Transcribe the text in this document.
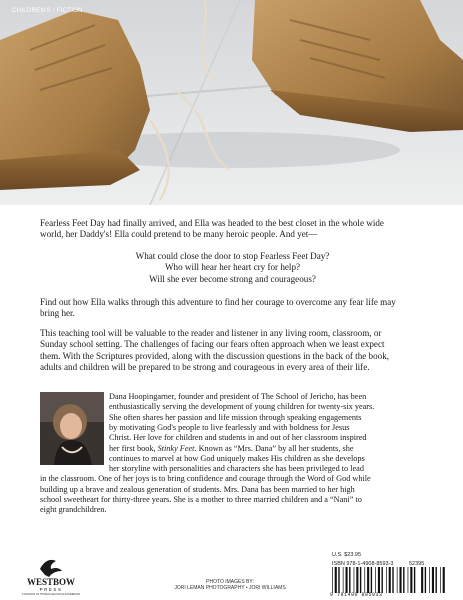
CHILDREN'S / FICTION

Fearless Feet Day had finally arrived, and Ella was headed to the best closet in the whole wide

world, her Daddy's! Ella could pretend to be many heroic people. And yet—

What could close the door to stop Fearless Feet Day?
Who will hear her heart cry for help?
Will she ever become strong and courageous?

Find out how Ella walks through this adventure to find her courage to overcome any fear life may

bring her.

This teaching tool will be valuable to the reader and listener in any living room, classroom, or

Sunday school setting. The challenges of facing our fears often approach when we least expect

them. With the Scriptures provided, along with the discussion questions in the back of the book,

adults and children will be prepared to be strong and courageous in every area of their life.

Dana Hoopingarner, founder and president of The School of Jericho, has been
enthusiastically serving the development of young children for twenty-six years.
She often shares her passion and life mission through speaking engagements
by motivating God's people to live fearlessly and with boldness for Jesus
Christ. Her love for children and students in and out of her classroom inspired
her first book, Stinky Feet. Known as “Mrs. Dana” by all her students, she
continues to marvel at how God uniquely makes His children as she develops
her storyline with personalities and characters she has been privileged to lead
in the classroom. One of her joys is to bring confidence and courage through the Word of God while
building up a brave and zealous generation of students. Mrs. Dana has been married to her high
school sweetheart for thirty-three years. She is a mother to three married children and a “Nani” to
eight grandchildren.
WESTBOW
PRESS
A DIVISION OF THOMAS NELSON & ZONDERVAN
PHOTO IMAGES BY:
JORI LEMAN PHOTOGRAPHY • JORI WILLIAMS
U.S. $23.95
ISBN 978-1-4908-8593-3	52395
9 781490 885933
